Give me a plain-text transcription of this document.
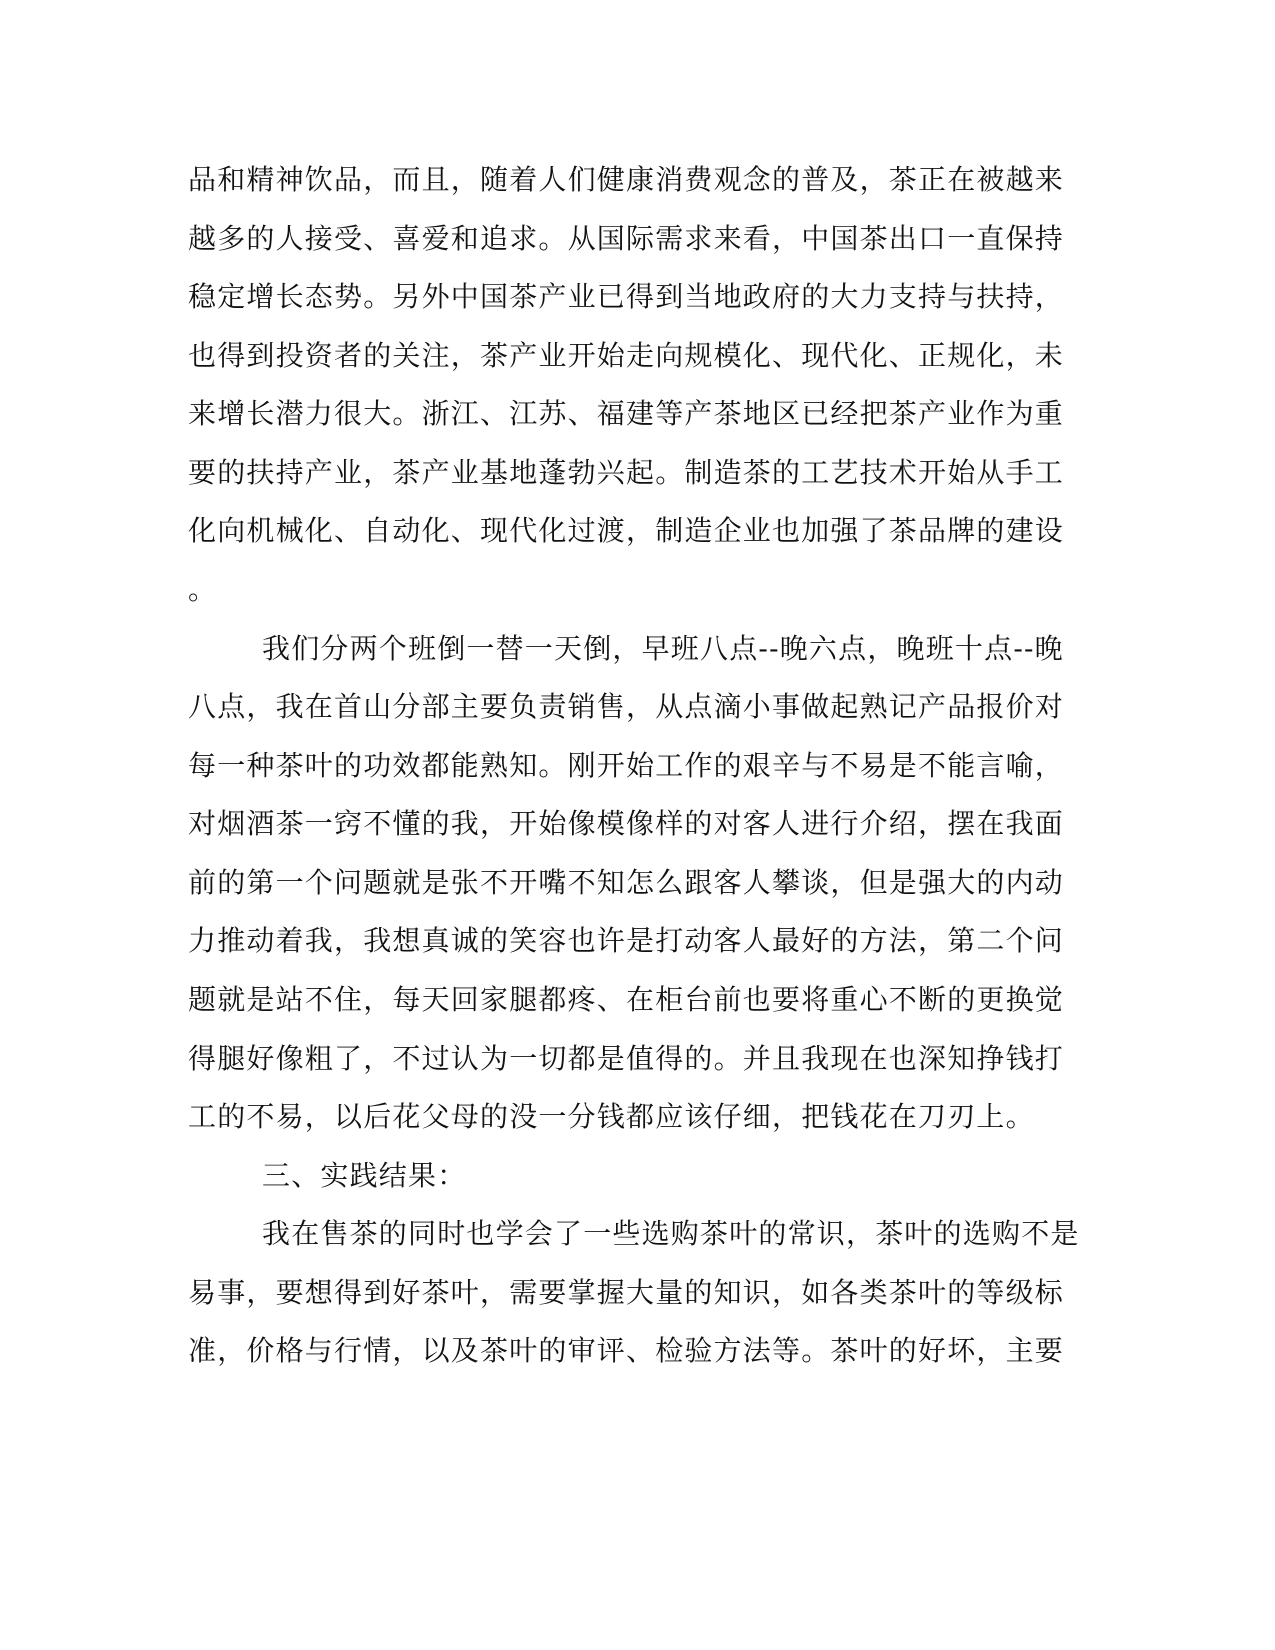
品和精神饮品，而且，随着人们健康消费观念的普及，茶正在被越来

越多的人接受、喜爱和追求。从国际需求来看，中国茶出口一直保持

稳定增长态势。另外中国茶产业已得到当地政府的大力支持与扶持，

也得到投资者的关注，茶产业开始走向规模化、现代化、正规化，未

来增长潜力很大。浙江、江苏、福建等产茶地区已经把茶产业作为重

要的扶持产业，茶产业基地蓬勃兴起。制造茶的工艺技术开始从手工

化向机械化、自动化、现代化过渡，制造企业也加强了茶品牌的建设

。

我们分两个班倒一替一天倒，早班八点--晚六点，晚班十点--晚

八点，我在首山分部主要负责销售，从点滴小事做起熟记产品报价对

每一种茶叶的功效都能熟知。刚开始工作的艰辛与不易是不能言喻，

对烟酒茶一窍不懂的我，开始像模像样的对客人进行介绍，摆在我面

前的第一个问题就是张不开嘴不知怎么跟客人攀谈，但是强大的内动

力推动着我，我想真诚的笑容也许是打动客人最好的方法，第二个问

题就是站不住，每天回家腿都疼、在柜台前也要将重心不断的更换觉

得腿好像粗了，不过认为一切都是值得的。并且我现在也深知挣钱打

工的不易，以后花父母的没一分钱都应该仔细，把钱花在刀刃上。

三、实践结果：

我在售茶的同时也学会了一些选购茶叶的常识，茶叶的选购不是

易事，要想得到好茶叶，需要掌握大量的知识，如各类茶叶的等级标

准，价格与行情，以及茶叶的审评、检验方法等。茶叶的好坏，主要
